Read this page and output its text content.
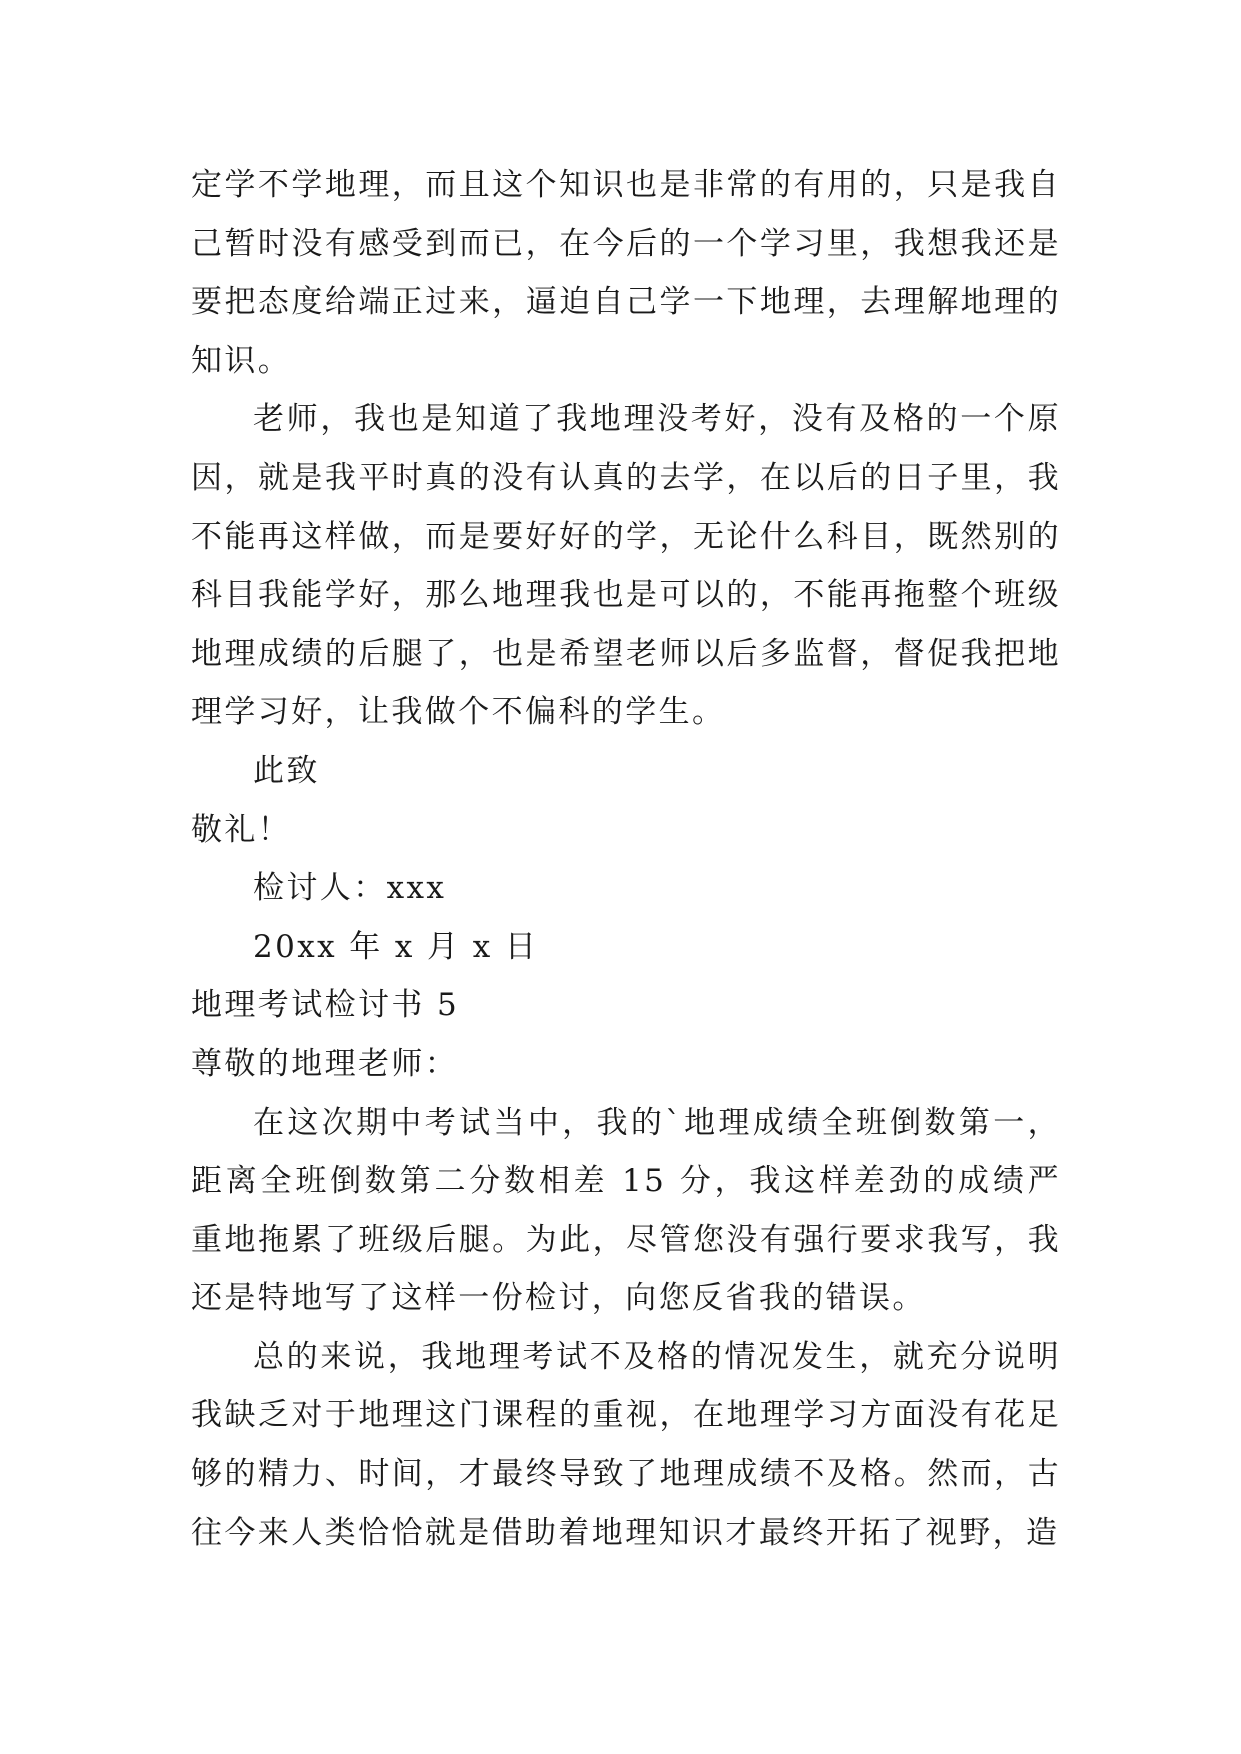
定学不学地理，而且这个知识也是非常的有用的，只是我自己暂时没有感受到而已，在今后的一个学习里，我想我还是要把态度给端正过来，逼迫自己学一下地理，去理解地理的知识。

老师，我也是知道了我地理没考好，没有及格的一个原因，就是我平时真的没有认真的去学，在以后的日子里，我不能再这样做，而是要好好的学，无论什么科目，既然别的科目我能学好，那么地理我也是可以的，不能再拖整个班级地理成绩的后腿了，也是希望老师以后多监督，督促我把地理学习好，让我做个不偏科的学生。

此致

敬礼！

检讨人：xxx

20xx 年 x 月 x 日

地理考试检讨书 5

尊敬的地理老师：

在这次期中考试当中，我的`地理成绩全班倒数第一，距离全班倒数第二分数相差 15 分，我这样差劲的成绩严重地拖累了班级后腿。为此，尽管您没有强行要求我写，我还是特地写了这样一份检讨，向您反省我的错误。

总的来说，我地理考试不及格的情况发生，就充分说明我缺乏对于地理这门课程的重视，在地理学习方面没有花足够的精力、时间，才最终导致了地理成绩不及格。然而，古往今来人类恰恰就是借助着地理知识才最终开拓了视野，造
